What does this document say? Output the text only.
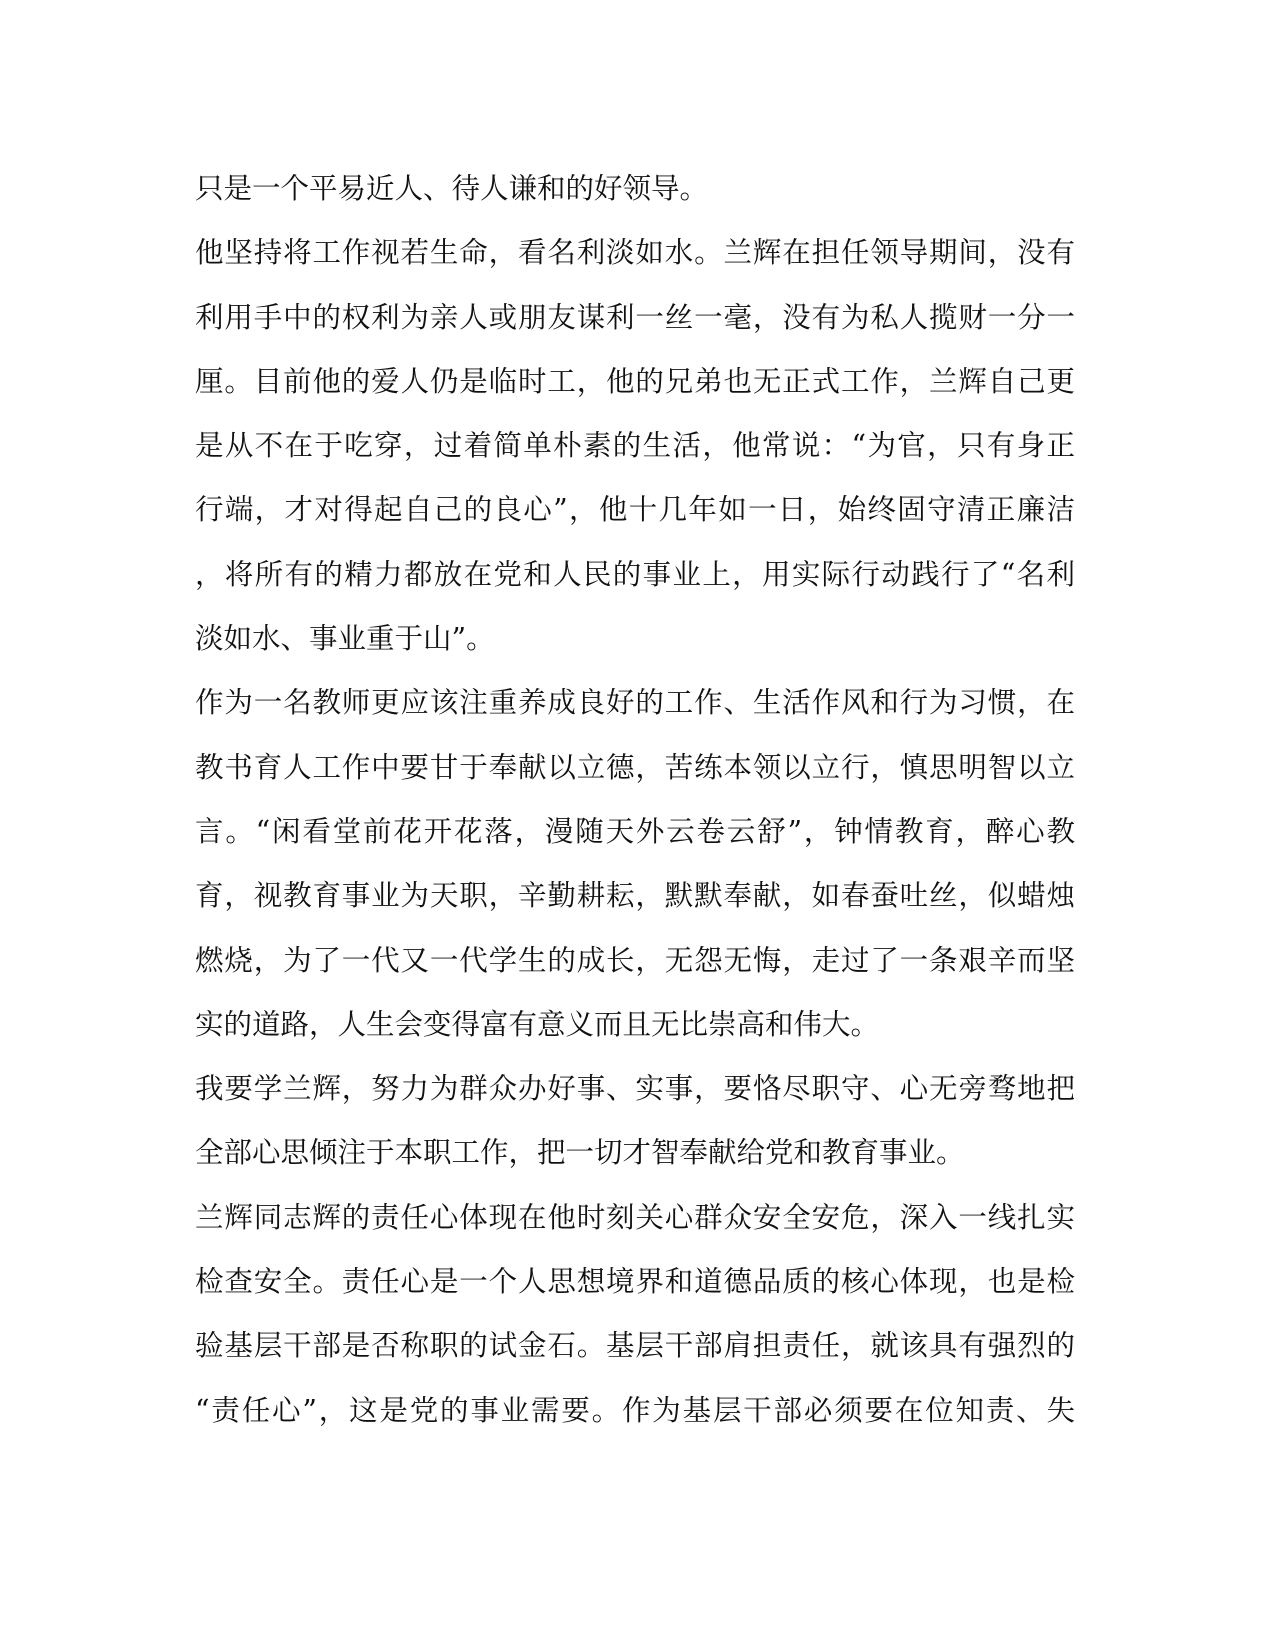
只是一个平易近人、待人谦和的好领导。
他坚持将工作视若生命，看名利淡如水。兰辉在担任领导期间，没有
利用手中的权利为亲人或朋友谋利一丝一毫，没有为私人揽财一分一
厘。目前他的爱人仍是临时工，他的兄弟也无正式工作，兰辉自己更
是从不在于吃穿，过着简单朴素的生活，他常说：“为官，只有身正
行端，才对得起自己的良心”，他十几年如一日，始终固守清正廉洁
，将所有的精力都放在党和人民的事业上，用实际行动践行了“名利
淡如水、事业重于山”。
作为一名教师更应该注重养成良好的工作、生活作风和行为习惯，在
教书育人工作中要甘于奉献以立德，苦练本领以立行，慎思明智以立
言。“闲看堂前花开花落，漫随天外云卷云舒”，钟情教育，醉心教
育，视教育事业为天职，辛勤耕耘，默默奉献，如春蚕吐丝，似蜡烛
燃烧，为了一代又一代学生的成长，无怨无悔，走过了一条艰辛而坚
实的道路，人生会变得富有意义而且无比崇高和伟大。
我要学兰辉，努力为群众办好事、实事，要恪尽职守、心无旁骛地把
全部心思倾注于本职工作，把一切才智奉献给党和教育事业。
兰辉同志辉的责任心体现在他时刻关心群众安全安危，深入一线扎实
检查安全。责任心是一个人思想境界和道德品质的核心体现，也是检
验基层干部是否称职的试金石。基层干部肩担责任，就该具有强烈的
“责任心”，这是党的事业需要。作为基层干部必须要在位知责、失
